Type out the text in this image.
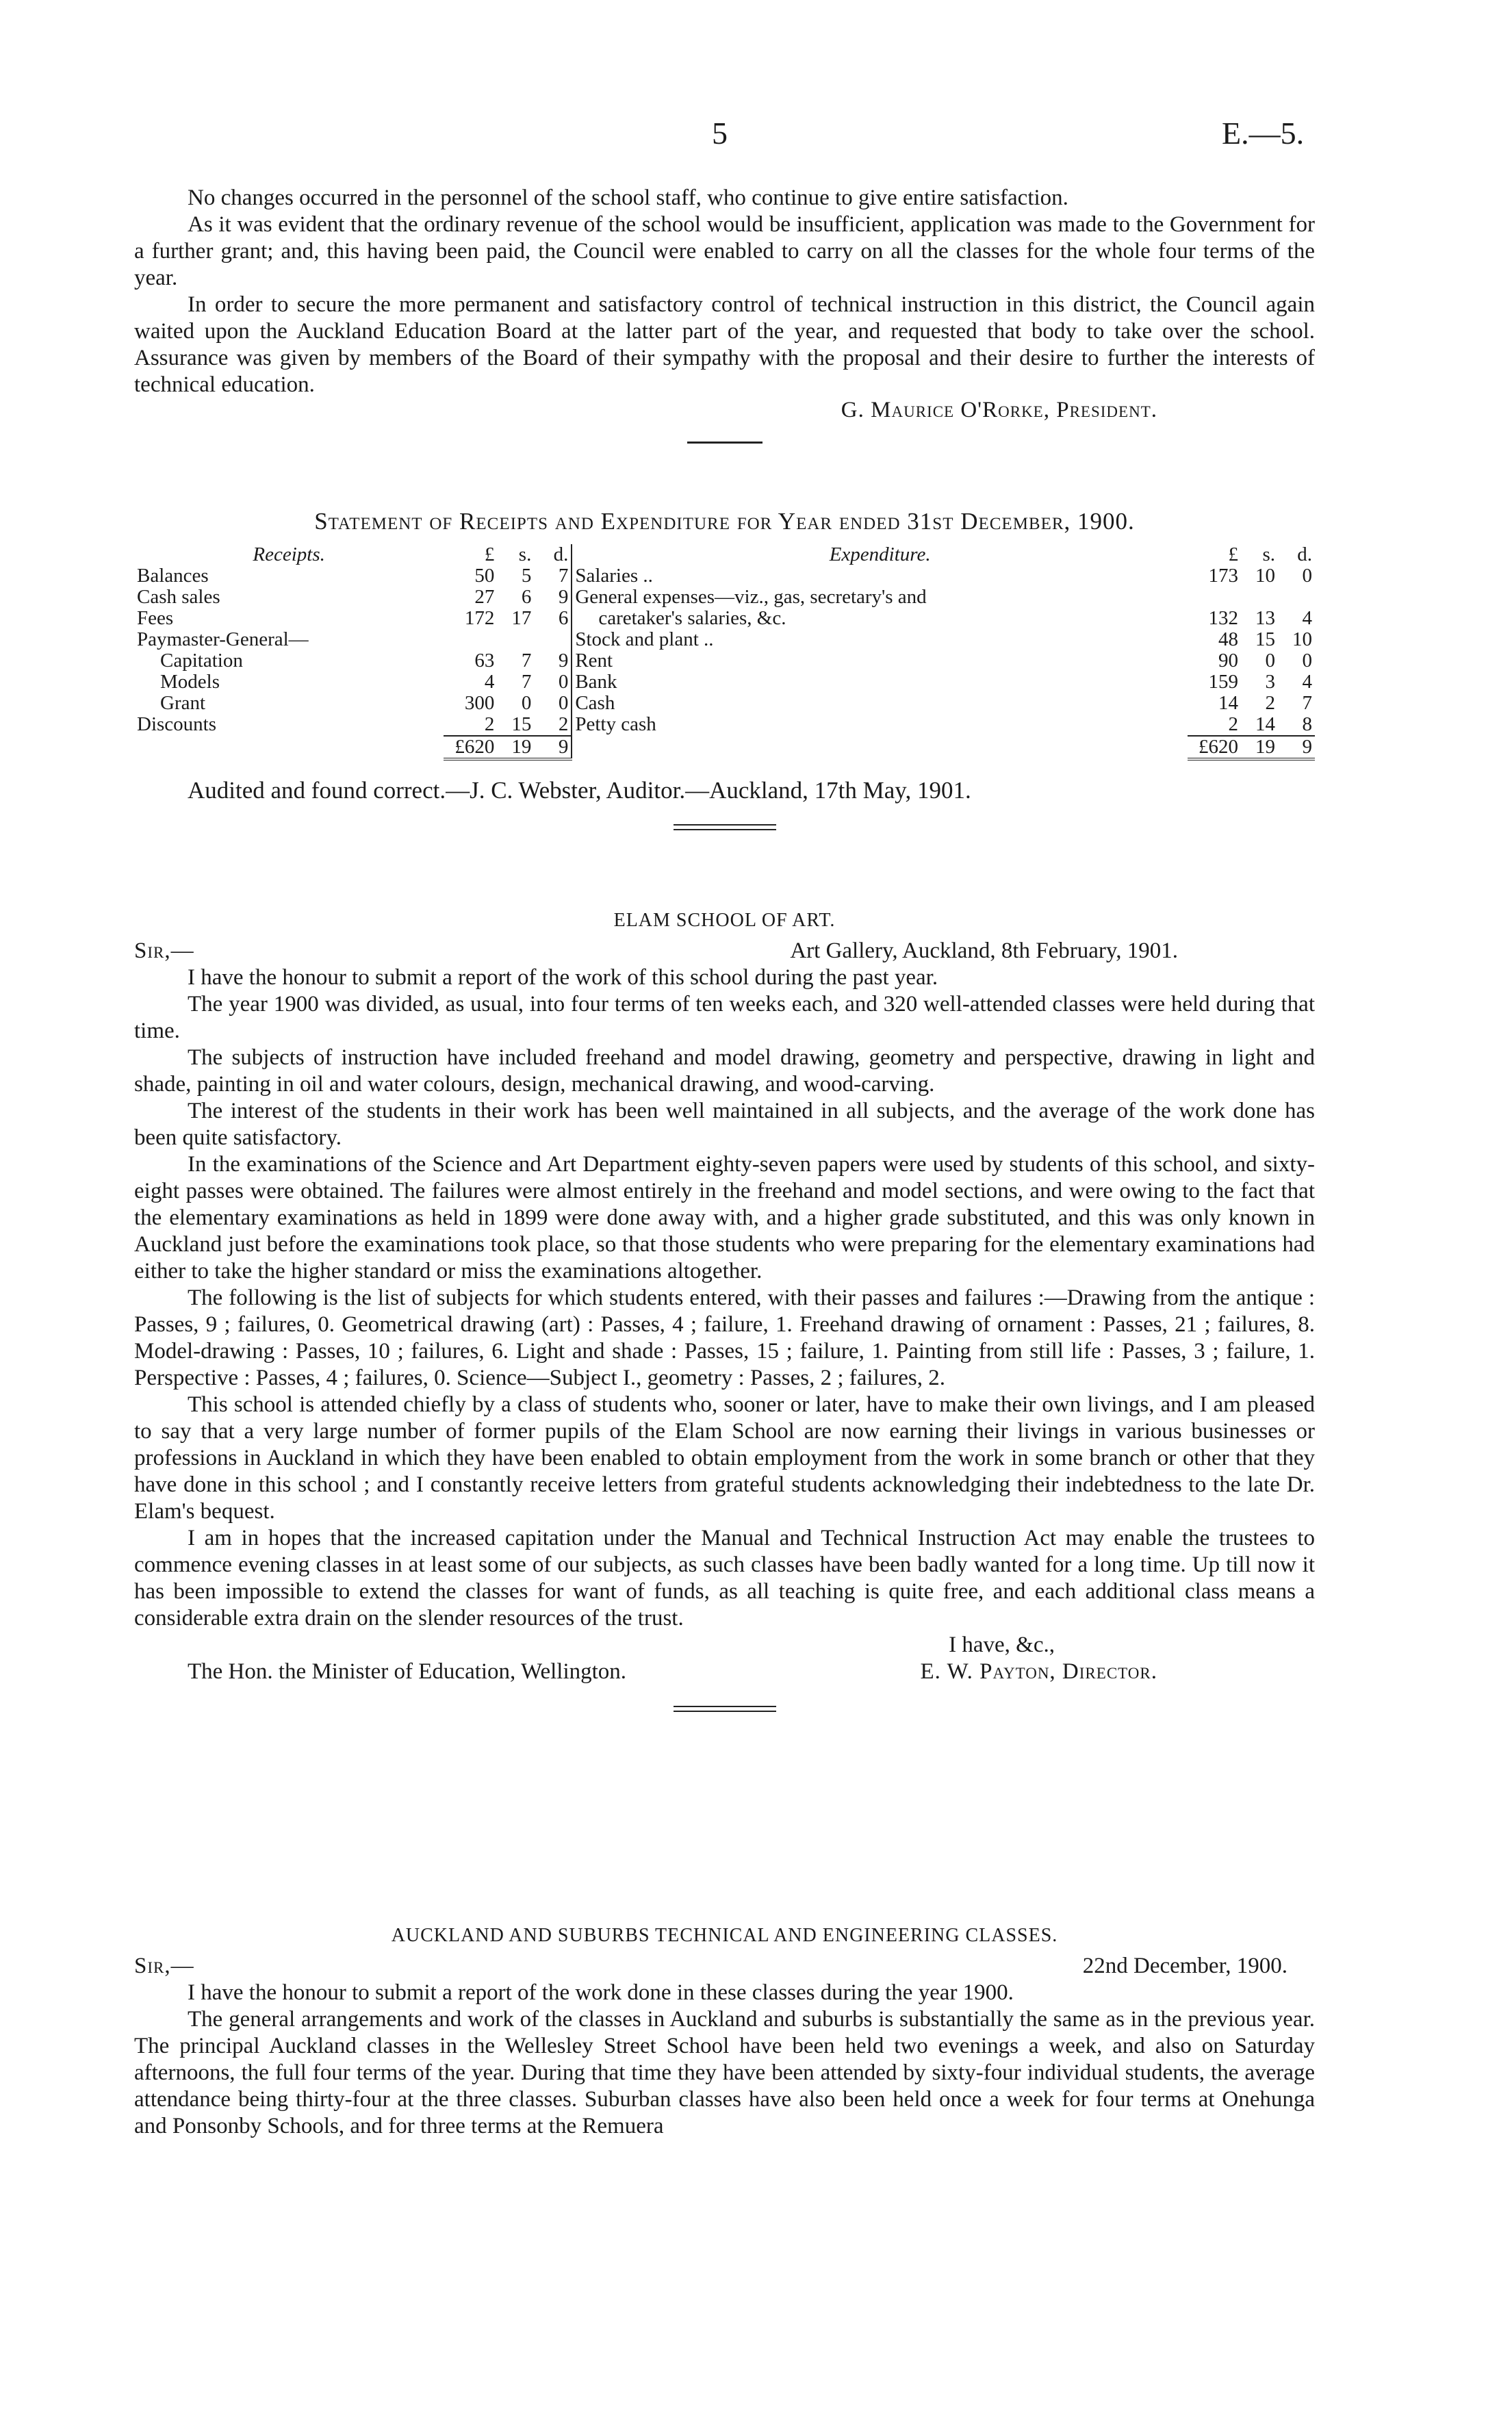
5	E.—5.

No changes occurred in the personnel of the school staff, who continue to give entire satisfaction.

As it was evident that the ordinary revenue of the school would be insufficient, application was made to the Government for a further grant; and, this having been paid, the Council were enabled to carry on all the classes for the whole four terms of the year.

In order to secure the more permanent and satisfactory control of technical instruction in this district, the Council again waited upon the Auckland Education Board at the latter part of the year, and requested that body to take over the school. Assurance was given by members of the Board of their sympathy with the proposal and their desire to further the interests of technical education.

G. Maurice O'Rorke, President.
Statement of Receipts and Expenditure for Year ended 31st December, 1900.
Receipts.		£	s.	d.	Expenditure.		£	s.	d.
Balances		50	5	7	Salaries ..		173	10	0
Cash sales		27	6	9	General expenses—viz., gas, secretary's and				
Fees		172	17	6	caretaker's salaries, &c.		132	13	4
Paymaster-General—					Stock and plant ..		48	15	10
Capitation		63	7	9	Rent		90	0	0
Models		4	7	0	Bank		159	3	4
Grant		300	0	0	Cash		14	2	7
Discounts		2	15	2	Petty cash		2	14	8
		£620	19	9			£620	19	9
Audited and found correct.—J. C. Webster, Auditor.—Auckland, 17th May, 1901.
ELAM SCHOOL OF ART.
Sir,—	Art Gallery, Auckland, 8th February, 1901.

I have the honour to submit a report of the work of this school during the past year.

The year 1900 was divided, as usual, into four terms of ten weeks each, and 320 well-attended classes were held during that time.

The subjects of instruction have included freehand and model drawing, geometry and perspective, drawing in light and shade, painting in oil and water colours, design, mechanical drawing, and wood-carving.

The interest of the students in their work has been well maintained in all subjects, and the average of the work done has been quite satisfactory.

In the examinations of the Science and Art Department eighty-seven papers were used by students of this school, and sixty-eight passes were obtained. The failures were almost entirely in the freehand and model sections, and were owing to the fact that the elementary examinations as held in 1899 were done away with, and a higher grade substituted, and this was only known in Auckland just before the examinations took place, so that those students who were preparing for the elementary examinations had either to take the higher standard or miss the examinations altogether.

The following is the list of subjects for which students entered, with their passes and failures :—Drawing from the antique : Passes, 9 ; failures, 0. Geometrical drawing (art) : Passes, 4 ; failure, 1. Freehand drawing of ornament : Passes, 21 ; failures, 8. Model-drawing : Passes, 10 ; failures, 6. Light and shade : Passes, 15 ; failure, 1. Painting from still life : Passes, 3 ; failure, 1. Perspective : Passes, 4 ; failures, 0. Science—Subject I., geometry : Passes, 2 ; failures, 2.

This school is attended chiefly by a class of students who, sooner or later, have to make their own livings, and I am pleased to say that a very large number of former pupils of the Elam School are now earning their livings in various businesses or professions in Auckland in which they have been enabled to obtain employment from the work in some branch or other that they have done in this school ; and I constantly receive letters from grateful students acknowledging their indebtedness to the late Dr. Elam's bequest.

I am in hopes that the increased capitation under the Manual and Technical Instruction Act may enable the trustees to commence evening classes in at least some of our subjects, as such classes have been badly wanted for a long time. Up till now it has been impossible to extend the classes for want of funds, as all teaching is quite free, and each additional class means a considerable extra drain on the slender resources of the trust.

I have, &c.,
The Hon. the Minister of Education, Wellington.	E. W. Payton, Director.
AUCKLAND AND SUBURBS TECHNICAL AND ENGINEERING CLASSES.
Sir,—	22nd December, 1900.

I have the honour to submit a report of the work done in these classes during the year 1900.

The general arrangements and work of the classes in Auckland and suburbs is substantially the same as in the previous year. The principal Auckland classes in the Wellesley Street School have been held two evenings a week, and also on Saturday afternoons, the full four terms of the year. During that time they have been attended by sixty-four individual students, the average attendance being thirty-four at the three classes. Suburban classes have also been held once a week for four terms at Onehunga and Ponsonby Schools, and for three terms at the Remuera
